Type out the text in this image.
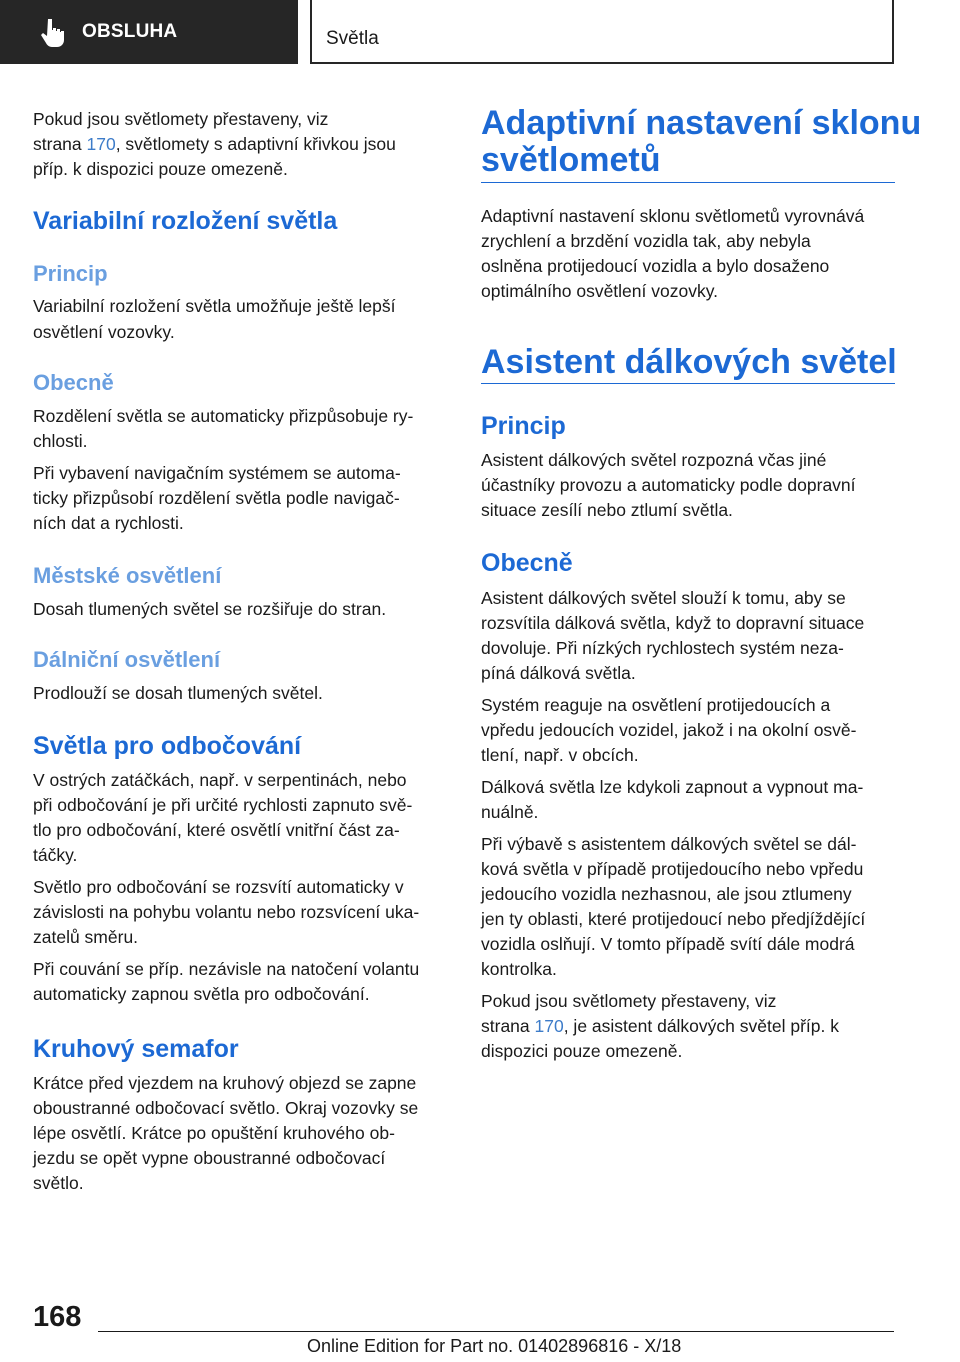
OBSLUHA	Světla

Pokud jsou světlomety přestaveny, viz

strana 170, světlomety s adaptivní křivkou jsou

příp. k dispozici pouze omezeně.

Variabilní rozložení světla
Princip

Variabilní rozložení světla umožňuje ještě lepší

osvětlení vozovky.

Obecně

Rozdělení světla se automaticky přizpůsobuje ry‐

chlosti.

Při vybavení navigačním systémem se automa‐

ticky přizpůsobí rozdělení světla podle navigač‐

ních dat a rychlosti.

Městské osvětlení

Dosah tlumených světel se rozšiřuje do stran.

Dálniční osvětlení

Prodlouží se dosah tlumených světel.

Světla pro odbočování

V ostrých zatáčkách, např. v serpentinách, nebo

při odbočování je při určité rychlosti zapnuto svě‐

tlo pro odbočování, které osvětlí vnitřní část za‐

táčky.

Světlo pro odbočování se rozsvítí automaticky v

závislosti na pohybu volantu nebo rozsvícení uka‐

zatelů směru.

Při couvání se příp. nezávisle na natočení volantu

automaticky zapnou světla pro odbočování.

Kruhový semafor

Krátce před vjezdem na kruhový objezd se zapne

oboustranné odbočovací světlo. Okraj vozovky se

lépe osvětlí. Krátce po opuštění kruhového ob‐

jezdu se opět vypne oboustranné odbočovací

světlo.

Adaptivní nastavení sklonu
světlometů

Adaptivní nastavení sklonu světlometů vyrovnává

zrychlení a brzdění vozidla tak, aby nebyla

oslněna protijedoucí vozidla a bylo dosaženo

optimálního osvětlení vozovky.

Asistent dálkových světel
Princip

Asistent dálkových světel rozpozná včas jiné

účastníky provozu a automaticky podle dopravní

situace zesílí nebo ztlumí světla.

Obecně

Asistent dálkových světel slouží k tomu, aby se

rozsvítila dálková světla, když to dopravní situace

dovoluje. Při nízkých rychlostech systém neza‐

píná dálková světla.

Systém reaguje na osvětlení protijedoucích a

vpředu jedoucích vozidel, jakož i na okolní osvě‐

tlení, např. v obcích.

Dálková světla lze kdykoli zapnout a vypnout ma‐

nuálně.

Při výbavě s asistentem dálkových světel se dál‐

ková světla v případě protijedoucího nebo vpředu

jedoucího vozidla nezhasnou, ale jsou ztlumeny

jen ty oblasti, které protijedoucí nebo předjíždějící

vozidla oslňují. V tomto případě svítí dále modrá

kontrolka.

Pokud jsou světlomety přestaveny, viz

strana 170, je asistent dálkových světel příp. k

dispozici pouze omezeně.

168
Online Edition for Part no. 01402896816 - X/18
